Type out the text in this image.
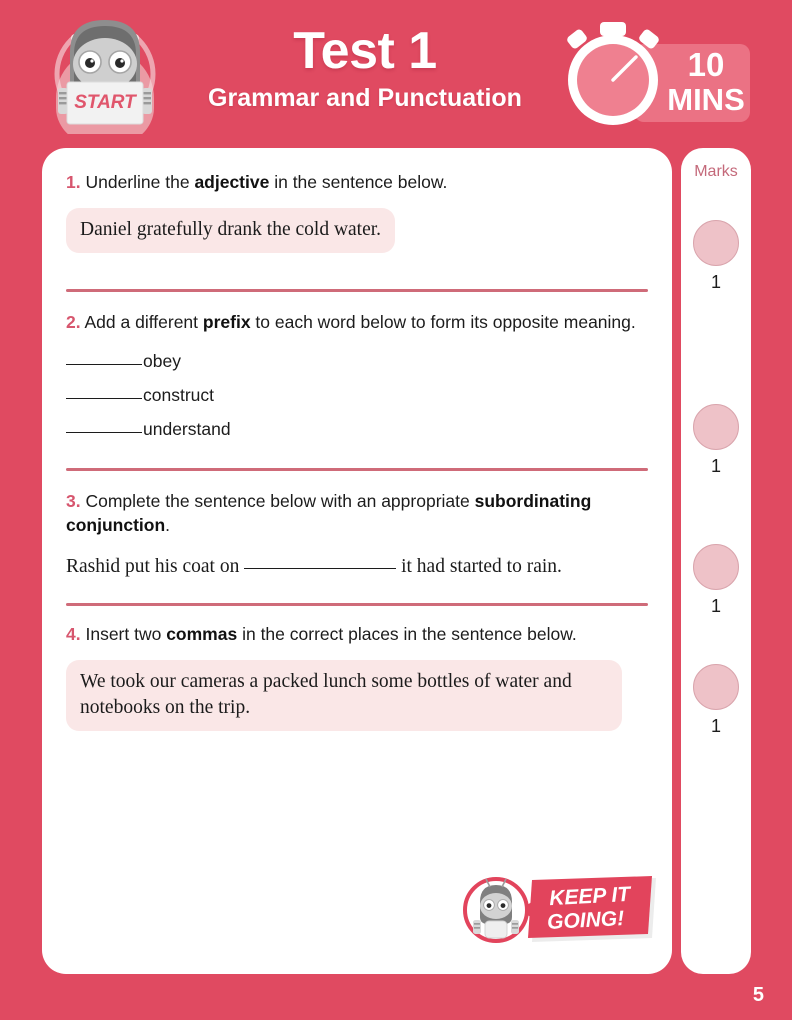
START
Test 1
Grammar and Punctuation
10
MINS

1. Underline the adjective in the sentence below.

Daniel gratefully drank the cold water.

2. Add a different prefix to each word below to form its opposite meaning.

obey
construct
understand

3. Complete the sentence below with an appropriate subordinating conjunction.

Rashid put his coat on	it had started to rain.

4. Insert two commas in the correct places in the sentence below.

We took our cameras a packed lunch some bottles of water and notebooks on the trip.

KEEP IT
GOING!

Marks

1
1
1
1
5
